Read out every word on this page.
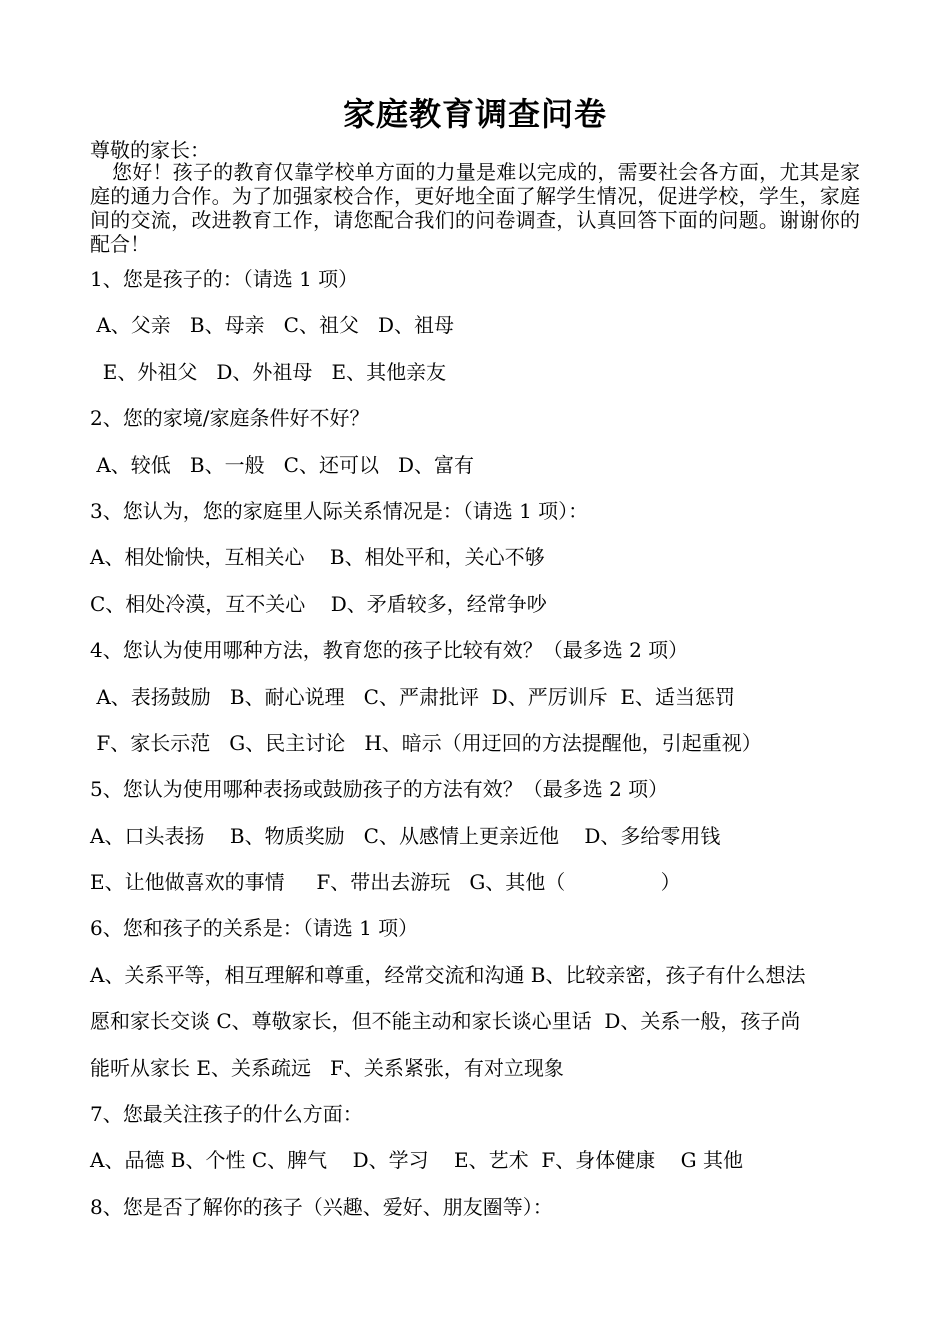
家庭教育调查问卷
尊敬的家长：
您好！孩子的教育仅靠学校单方面的力量是难以完成的，需要社会各方面，尤其是家庭的通力合作。为了加强家校合作，更好地全面了解学生情况，促进学校，学生，家庭间的交流，改进教育工作，请您配合我们的问卷调查，认真回答下面的问题。谢谢你的配合！
1、您是孩子的：（请选 1 项）
A、父亲   B、母亲   C、祖父   D、祖母
E、外祖父   D、外祖母   E、其他亲友
2、您的家境/家庭条件好不好？
A、较低   B、一般   C、还可以   D、富有
3、您认为，您的家庭里人际关系情况是：（请选 1 项）：
A、相处愉快，互相关心    B、相处平和，关心不够
C、相处冷漠，互不关心    D、矛盾较多，经常争吵
4、您认为使用哪种方法，教育您的孩子比较有效？（最多选 2 项）
A、表扬鼓励   B、耐心说理   C、严肃批评  D、严厉训斥  E、适当惩罚
F、家长示范   G、民主讨论   H、暗示（用迂回的方法提醒他，引起重视）
5、您认为使用哪种表扬或鼓励孩子的方法有效？（最多选 2 项）
A、口头表扬    B、物质奖励   C、从感情上更亲近他    D、多给零用钱
E、让他做喜欢的事情     F、带出去游玩   G、其他（               ）
6、您和孩子的关系是：（请选 1 项）
A、关系平等，相互理解和尊重，经常交流和沟通 B、比较亲密，孩子有什么想法
愿和家长交谈 C、尊敬家长，但不能主动和家长谈心里话  D、关系一般，孩子尚
能听从家长 E、关系疏远   F、关系紧张，有对立现象
7、您最关注孩子的什么方面：
A、品德 B、个性 C、脾气    D、学习    E、艺术  F、身体健康    G 其他
8、您是否了解你的孩子（兴趣、爱好、朋友圈等）：
